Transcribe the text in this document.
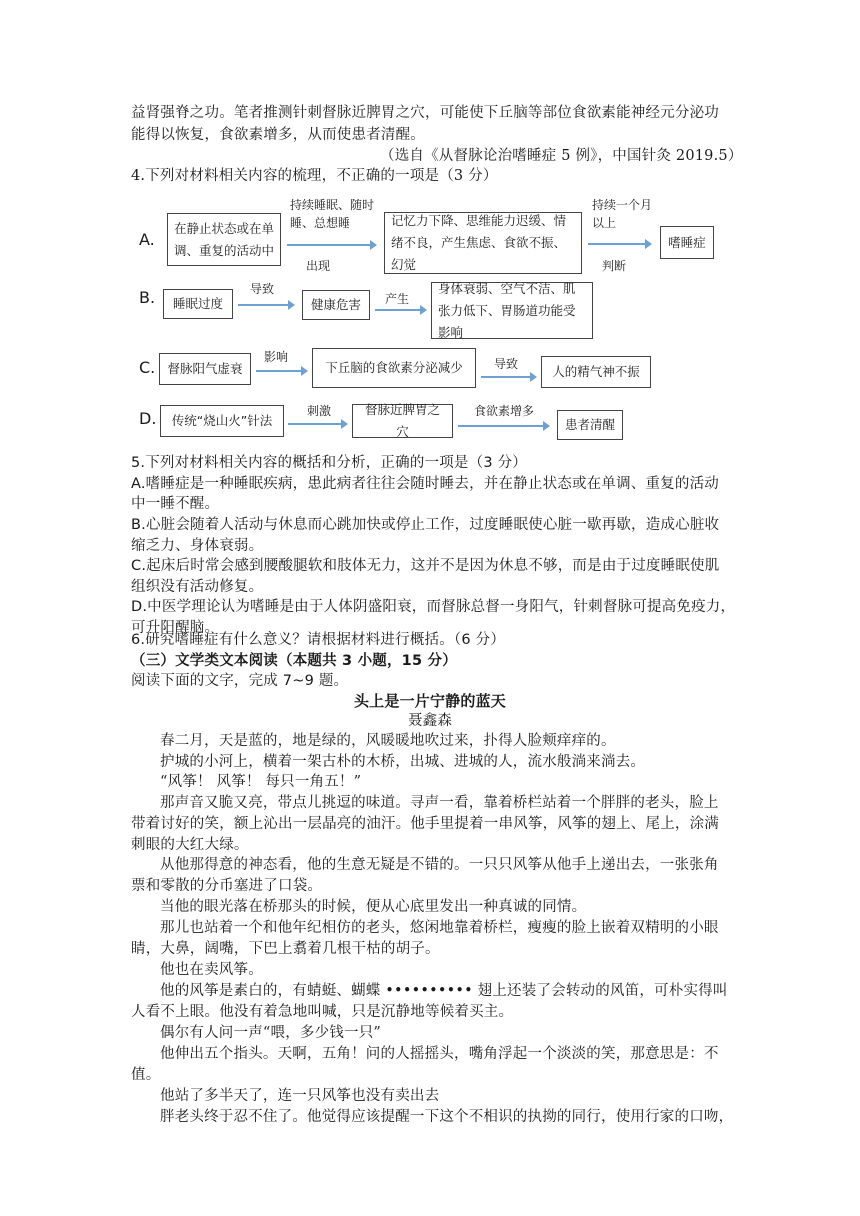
益肾强脊之功。笔者推测针刺督脉近脾胃之穴，可能使下丘脑等部位食欲素能神经元分泌功
能得以恢复，食欲素增多，从而使患者清醒。
（选自《从督脉论治嗜睡症 5 例》，中国针灸 2019.5）
4.下列对材料相关内容的梳理，不正确的一项是（3 分）
A.
在静止状态或在单调、重复的活动中
持续睡眠、随时睡、总想睡
出现
记忆力下降、思维能力迟缓、情绪不良，产生焦虑、食欲不振、幻觉
持续一个月以上
判断
嗜睡症
B.	睡眠过度
导致
健康危害	产生
身体衰弱、空气不洁、肌张力低下、胃肠道功能受影响
C. 督脉阳气虚衰
影响
下丘脑的食欲素分泌减少	导致	人的精气神不振
D.	传统“烧山火”针法
刺激	督脉近脾胃之穴
食欲素增多
患者清醒
5.下列对材料相关内容的概括和分析，正确的一项是（3 分）
A.嗜睡症是一种睡眠疾病，患此病者往往会随时睡去，并在静止状态或在单调、重复的活动
中一睡不醒。
B.心脏会随着人活动与休息而心跳加快或停止工作，过度睡眠使心脏一歇再歇，造成心脏收
缩乏力、身体衰弱。
C.起床后时常会感到腰酸腿软和肢体无力，这并不是因为休息不够，而是由于过度睡眠使肌
组织没有活动修复。
D.中医学理论认为嗜睡是由于人体阴盛阳衰，而督脉总督一身阳气，针刺督脉可提高免疫力，
可升阳醒脑。
6.研究嗜睡症有什么意义？请根据材料进行概括。（6 分）
（三）文学类文本阅读（本题共 3 小题，15 分）
阅读下面的文字，完成 7~9 题。
头上是一片宁静的蓝天
聂鑫森
春二月，天是蓝的，地是绿的，风暖暖地吹过来，扑得人脸颊痒痒的。
护城的小河上，横着一架古朴的木桥，出城、进城的人，流水般淌来淌去。
“风筝！ 风筝！ 每只一角五！”
那声音又脆又亮，带点儿挑逗的味道。寻声一看，靠着桥栏站着一个胖胖的老头，脸上
带着讨好的笑，额上沁出一层晶亮的油汗。他手里提着一串风筝，风筝的翅上、尾上，涂满
刺眼的大红大绿。
从他那得意的神态看，他的生意无疑是不错的。一只只风筝从他手上递出去，一张张角
票和零散的分币塞进了口袋。
当他的眼光落在桥那头的时候，便从心底里发出一种真诚的同情。
那儿也站着一个和他年纪相仿的老头，悠闲地靠着桥栏，瘦瘦的脸上嵌着双精明的小眼
睛，大鼻，阔嘴，下巴上翥着几根干枯的胡子。
他也在卖风筝。
他的风筝是素白的，有蜻蜓、蝴蝶 •••••••••• 翅上还装了会转动的风笛，可朴实得叫
人看不上眼。他没有着急地叫喊，只是沉静地等候着买主。
偶尔有人问一声“喂，多少钱一只”
他伸出五个指头。天啊，五角！问的人摇摇头，嘴角浮起一个淡淡的笑，那意思是：不
值。
他站了多半天了，连一只风筝也没有卖出去
胖老头终于忍不住了。他觉得应该提醒一下这个不相识的执拗的同行，使用行家的口吻，
